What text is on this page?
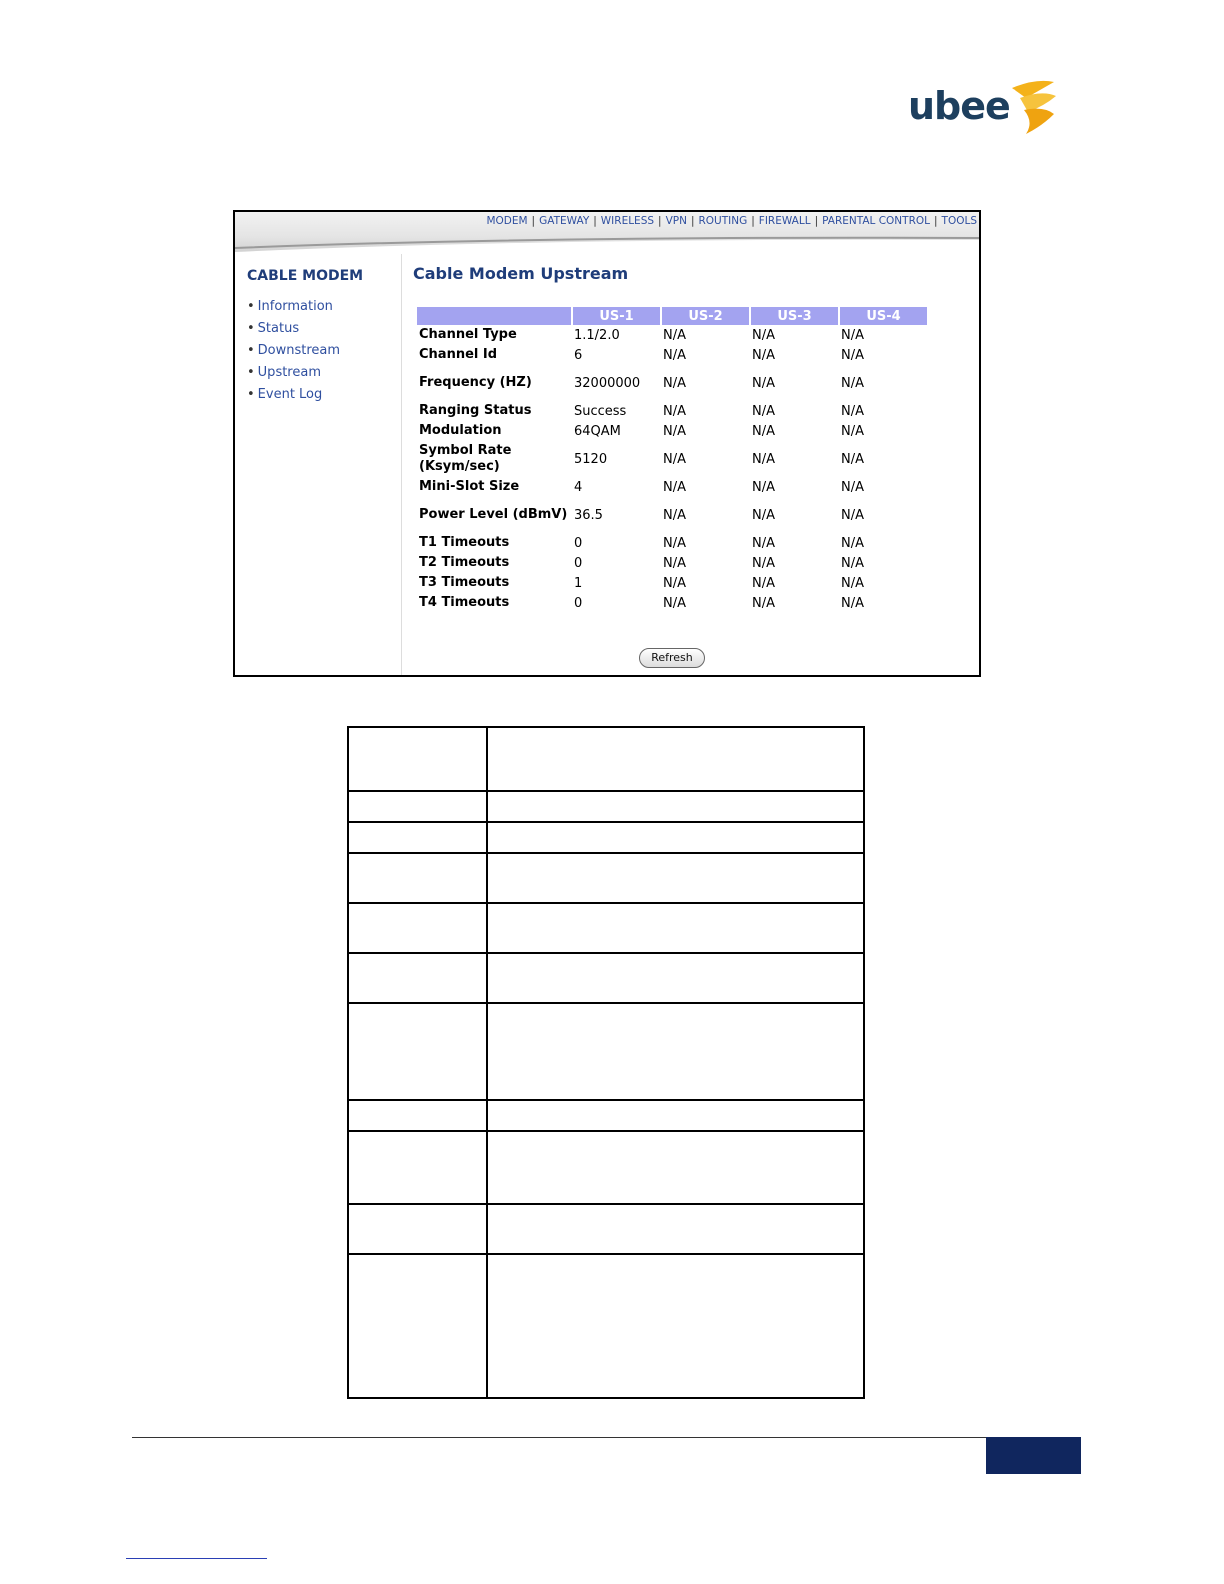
ubee
MODEM | GATEWAY | WIRELESS | VPN | ROUTING | FIREWALL | PARENTAL CONTROL | TOOLS
CABLE MODEM
• Information
• Status
• Downstream
• Upstream
• Event Log
Cable Modem Upstream
	US-1	US-2	US-3	US-4
Channel Type	1.1/2.0	N/A	N/A	N/A
Channel Id	6	N/A	N/A	N/A
Frequency (HZ)	32000000	N/A	N/A	N/A
Ranging Status	Success	N/A	N/A	N/A
Modulation	64QAM	N/A	N/A	N/A
Symbol Rate (Ksym/sec)	5120	N/A	N/A	N/A
Mini-Slot Size	4	N/A	N/A	N/A
Power Level (dBmV)	36.5	N/A	N/A	N/A
T1 Timeouts	0	N/A	N/A	N/A
T2 Timeouts	0	N/A	N/A	N/A
T3 Timeouts	1	N/A	N/A	N/A
T4 Timeouts	0	N/A	N/A	N/A
Refresh
